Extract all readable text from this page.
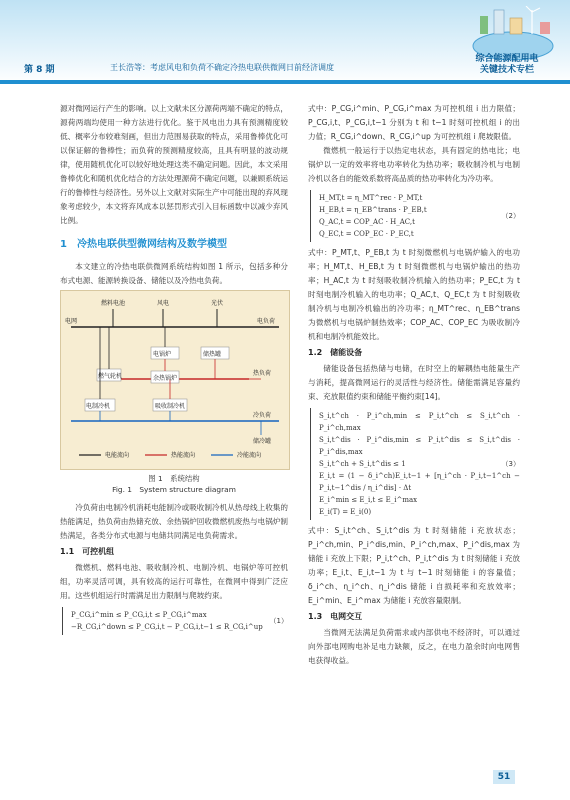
综合能源配用电
关键技术专栏
第 8 期	王长浩等：考虑风电和负荷不确定冷热电联供微网日前经济调度

源对微网运行产生的影响。以上文献未区分源荷两端不确定的特点，源荷两端均使用一种方法进行优化。鉴于风电出力具有预测精度较低、概率分布较难刻画，但出力范围易获取的特点，采用鲁棒优化可以保证解的鲁棒性；而负荷的预测精度较高，且具有明显的波动规律，使用随机优化可以较好地处理这类不确定问题。因此，本文采用鲁棒优化和随机优化结合的方法处理源荷不确定问题，以兼顾系统运行的鲁棒性与经济性。另外以上文献对实际生产中可能出现的弃风现象考虑较少，本文将弃风成本以惩罚形式引入目标函数中以减少弃风比例。

1　冷热电联供型微网结构及数学模型

本文建立的冷热电联供微网系统结构如图 1 所示，包括多种分布式电源、能源转换设备、储能以及冷热电负荷。

燃料电池	风电	光伏
电网	电负荷
电锅炉	储热罐
燃气轮机	余热锅炉
热负荷
电制冷机	吸收制冷机
冷负荷
储冷罐
电能流向	热能流向	冷能流向
图 1　系统结构
Fig. 1　System structure diagram

冷负荷由电制冷机消耗电能制冷或吸收制冷机从热母线上收集的热能满足，热负荷由热储充放、余热锅炉回收微燃机废热与电锅炉制热满足，各类分布式电源与电储共同满足电负荷需求。

1.1　可控机组

微燃机、燃料电池、吸收制冷机、电制冷机、电锅炉等可控机组，功率灵活可调，具有较高的运行可靠性，在微网中得到广泛应用。这些机组运行时需满足出力限制与爬坡约束。

P_CG,i^min ≤ P_CG,i,t ≤ P_CG,i^max
−R_CG,i^down ≤ P_CG,i,t − P_CG,i,t−1 ≤ R_CG,i^up
（1）

式中：P_CG,i^min、P_CG,i^max 为可控机组 i 出力限值；P_CG,i,t、P_CG,i,t−1 分别为 t 和 t−1 时刻可控机组 i 的出力值；R_CG,i^down、R_CG,i^up 为可控机组 i 爬坡限值。

微燃机一般运行于以热定电状态，具有固定的热电比；电锅炉以一定的效率将电功率转化为热功率；吸收制冷机与电制冷机以各自的能效系数将高品质的热功率转化为冷功率。

H_MT,t = η_MT^rec · P_MT,t
H_EB,t = η_EB^trans · P_EB,t
Q_AC,t = COP_AC · H_AC,t
Q_EC,t = COP_EC · P_EC,t
（2）

式中：P_MT,t、P_EB,t 为 t 时刻微燃机与电锅炉输入的电功率；H_MT,t、H_EB,t 为 t 时刻微燃机与电锅炉输出的热功率；H_AC,t 为 t 时刻吸收制冷机输入的热功率；P_EC,t 为 t 时刻电制冷机输入的电功率；Q_AC,t、Q_EC,t 为 t 时刻吸收制冷机与电制冷机输出的冷功率；η_MT^rec、η_EB^trans 为微燃机与电锅炉制热效率；COP_AC、COP_EC 为吸收制冷机和电制冷机能效比。

1.2　储能设备

储能设备包括热储与电储，在时空上的解耦热电能量生产与消耗，提高微网运行的灵活性与经济性。储能需满足容量约束、充放限值约束和储能平衡约束[14]。

S_i,t^ch · P_i^ch,min ≤ P_i,t^ch ≤ S_i,t^ch · P_i^ch,max
S_i,t^dis · P_i^dis,min ≤ P_i,t^dis ≤ S_i,t^dis · P_i^dis,max
S_i,t^ch + S_i,t^dis ≤ 1
E_i,t = (1 − δ_i^ch)E_i,t−1 + [η_i^ch · P_i,t−1^ch − P_i,t−1^dis / η_i^dis] · Δt
E_i^min ≤ E_i,t ≤ E_i^max
E_i(T) = E_i(0)
（3）

式中：S_i,t^ch、S_i,t^dis 为 t 时刻储能 i 充放状态；P_i^ch,min、P_i^dis,min、P_i^ch,max、P_i^dis,max 为储能 i 充放上下限；P_i,t^ch、P_i,t^dis 为 t 时刻储能 i 充放功率；E_i,t、E_i,t−1 为 t 与 t−1 时刻储能 i 的容量值；δ_i^ch、η_i^ch、η_i^dis 储能 i 自损耗率和充放效率；E_i^min、E_i^max 为储能 i 充放容量限制。

1.3　电网交互

当微网无法满足负荷需求或内部供电不经济时，可以通过向外部电网购电补足电力缺额，反之，在电力盈余时向电网售电获得收益。

51
